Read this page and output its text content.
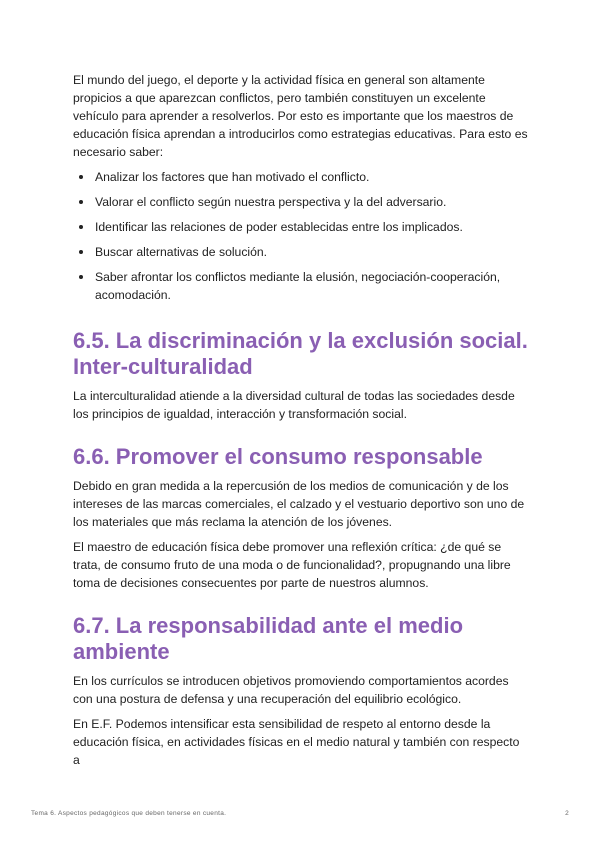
El mundo del juego, el deporte y la actividad física en general son altamente propicios a que aparezcan conflictos, pero también constituyen un excelente vehículo para aprender a resolverlos. Por esto es importante que los maestros de educación física aprendan a introducirlos como estrategias educativas. Para esto es necesario saber:

Analizar los factores que han motivado el conflicto.
Valorar el conflicto según nuestra perspectiva y la del adversario.
Identificar las relaciones de poder establecidas entre los implicados.
Buscar alternativas de solución.
Saber afrontar los conflictos mediante la elusión, negociación-cooperación, acomodación.
6.5. La discriminación y la exclusión social. Inter-culturalidad

La interculturalidad atiende a la diversidad cultural de todas las sociedades desde los principios de igualdad, interacción y transformación social.

6.6. Promover el consumo responsable

Debido en gran medida a la repercusión de los medios de comunicación y de los intereses de las marcas comerciales, el calzado y el vestuario deportivo son uno de los materiales que más reclama la atención de los jóvenes.

El maestro de educación física debe promover una reflexión crítica: ¿de qué se trata, de consumo fruto de una moda o de funcionalidad?, propugnando una libre toma de decisiones consecuentes por parte de nuestros alumnos.

6.7. La responsabilidad ante el medio ambiente

En los currículos se introducen objetivos promoviendo comportamientos acordes con una postura de defensa y una recuperación del equilibrio ecológico.

En E.F. Podemos intensificar esta sensibilidad de respeto al entorno desde la educación física, en actividades físicas en el medio natural y también con respecto a

Tema 6. Aspectos pedagógicos que deben tenerse en cuenta.	2
